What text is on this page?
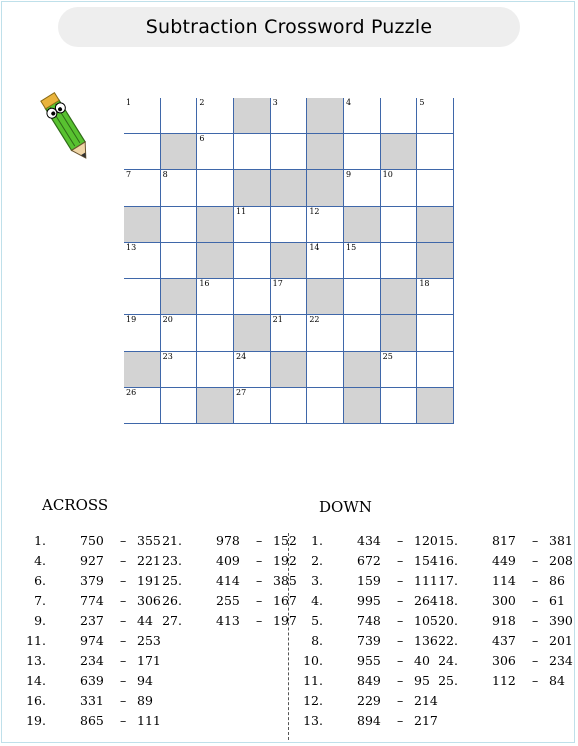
Subtraction Crossword Puzzle
1	2	3	4	5
6
7	8	9	10
11	12
13	14	15
16	17	18
19	20	21	22
23	24	25
26	27
ACROSS	DOWN
1.	750 – 355
4.	927 – 221
6.	379 – 191
7.	774 – 306
9.	237 – 44
11.	974 – 253
13.	234 – 171
14.	639 – 94
16.	331 – 89
19.	865 – 111
21.	978 – 152
23.	409 – 192
25.	414 – 385
26.	255 – 167
27.	413 – 197
1.	434 – 120
2.	672 – 154
3.	159 – 111
4.	995 – 264
5.	748 – 105
8.	739 – 136
10.	955 – 40
11.	849 – 95
12.	229 – 214
13.	894 – 217
15.	817 – 381
16.	449 – 208
17.	114 – 86
18.	300 – 61
20.	918 – 390
22.	437 – 201
24.	306 – 234
25.	112 – 84
